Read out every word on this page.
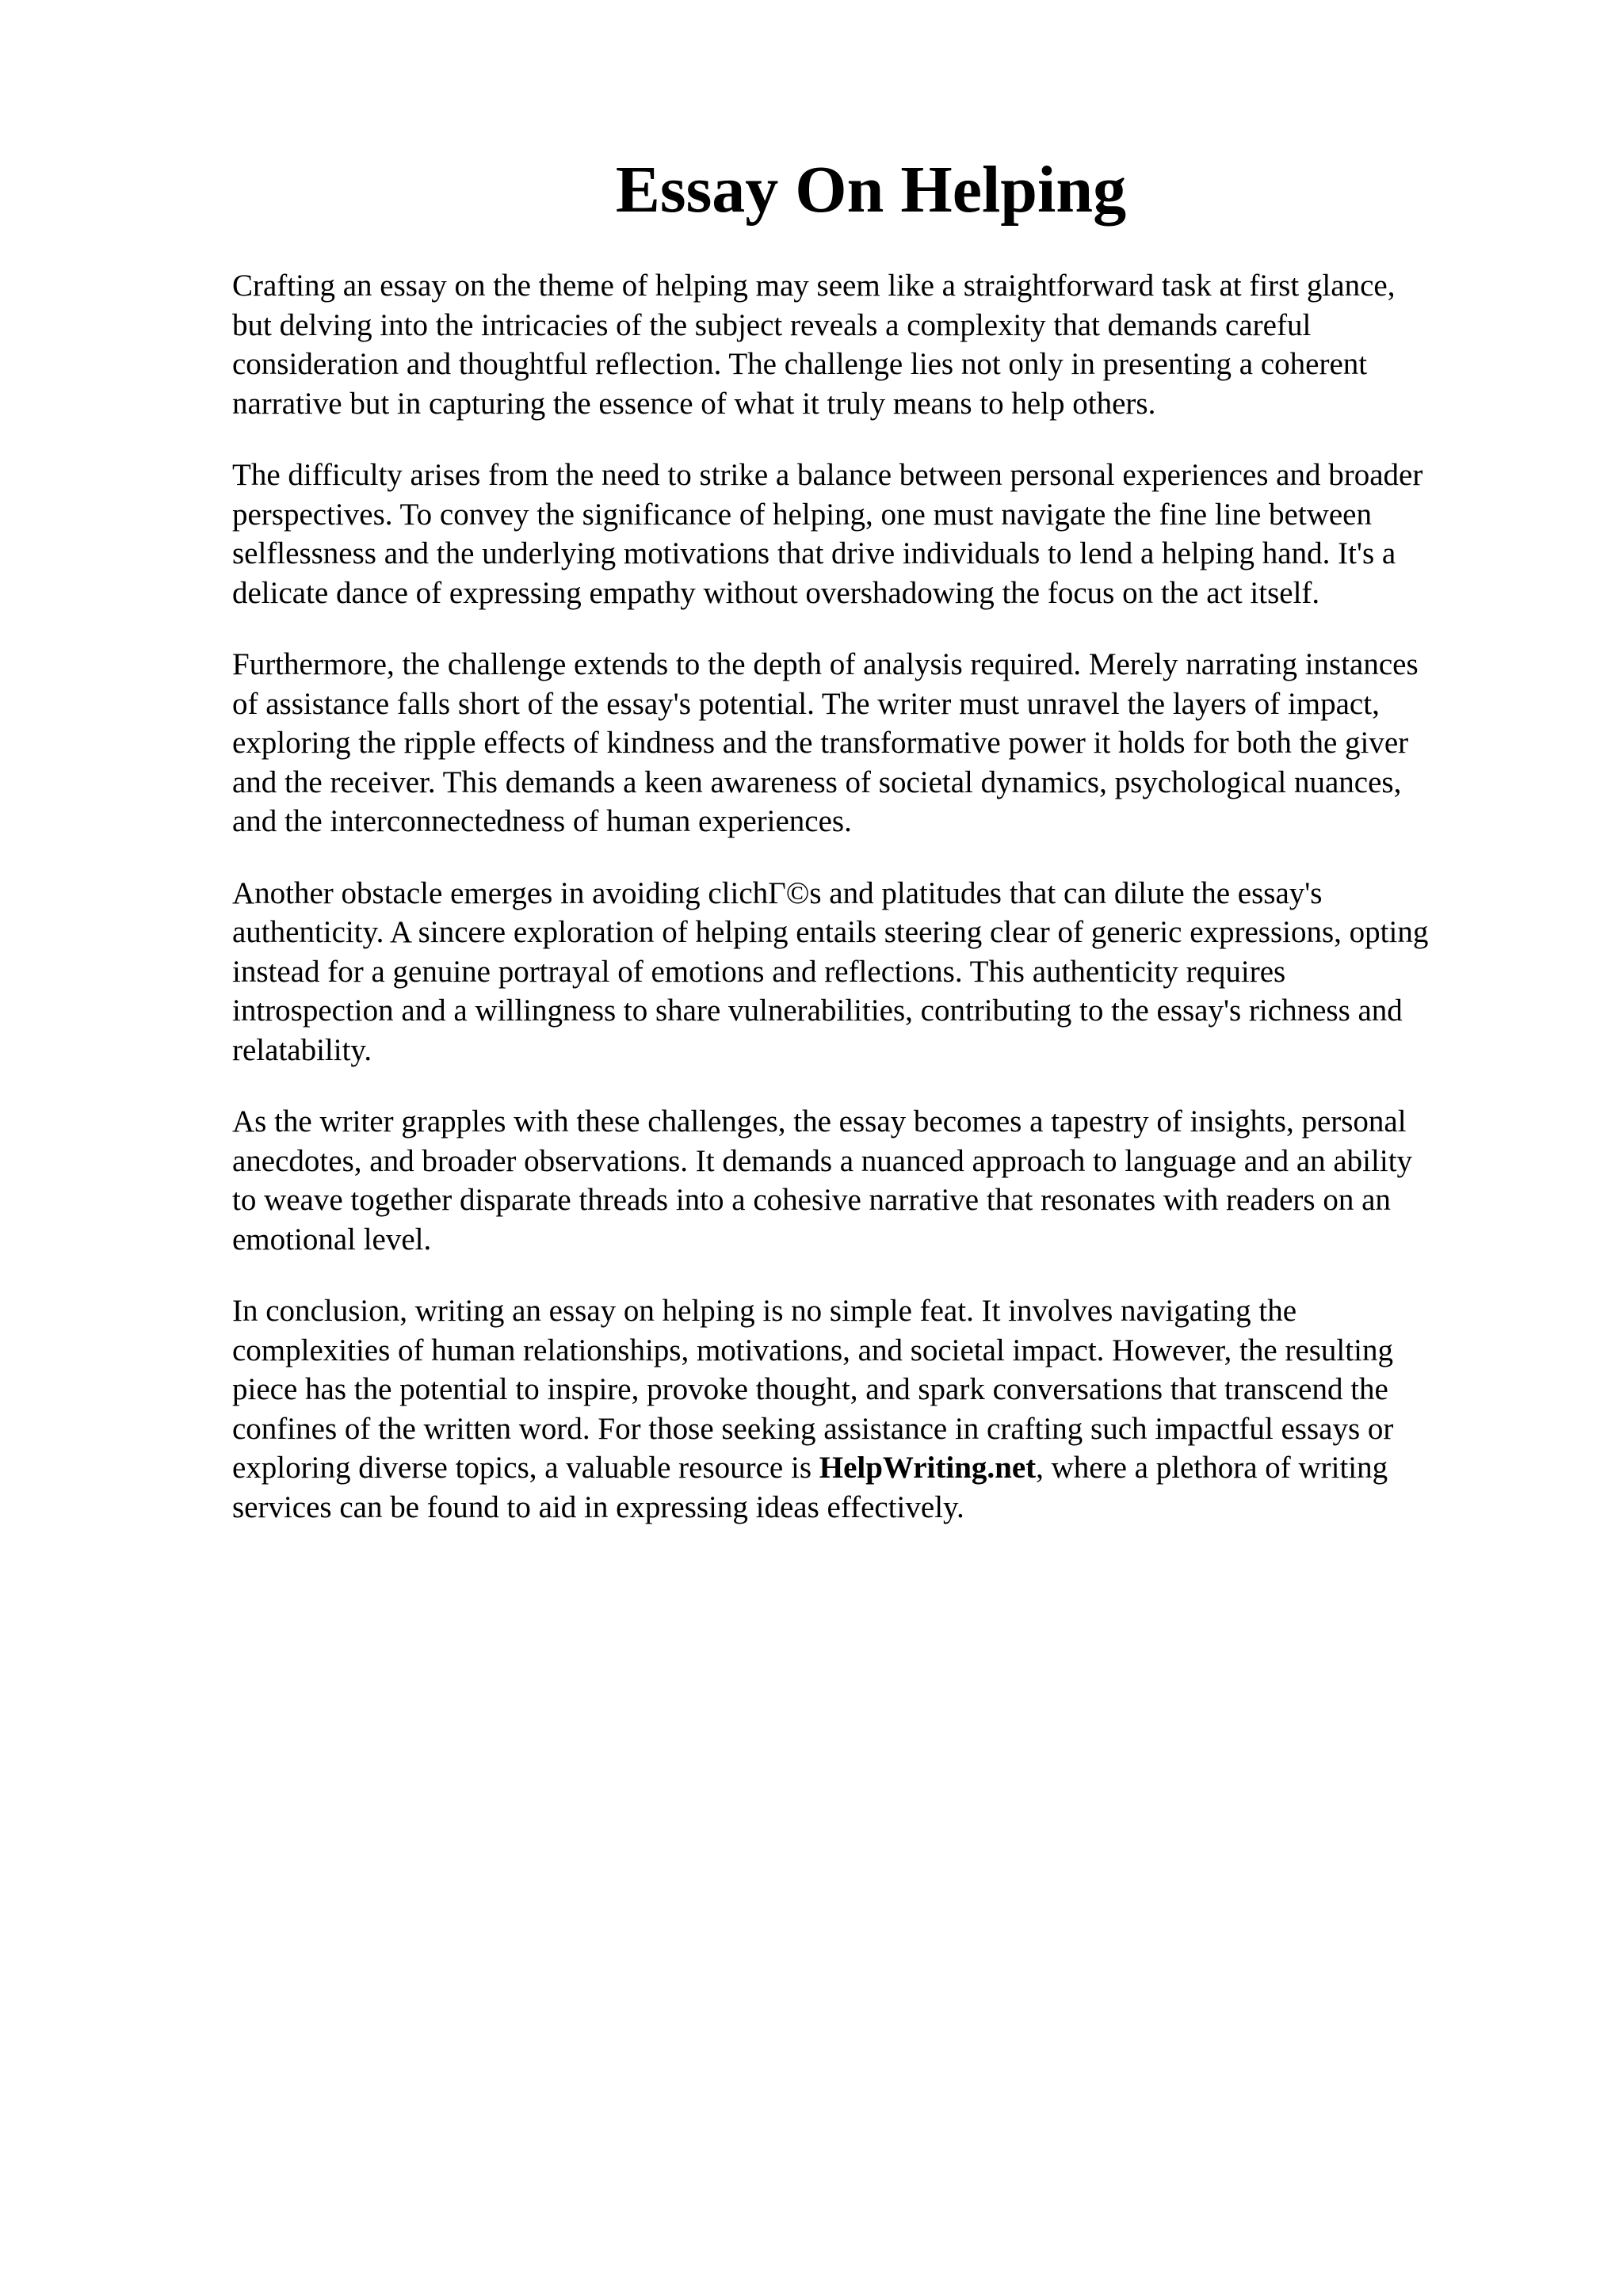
Essay On Helping

Crafting an essay on the theme of helping may seem like a straightforward task at first glance,
but delving into the intricacies of the subject reveals a complexity that demands careful
consideration and thoughtful reflection. The challenge lies not only in presenting a coherent
narrative but in capturing the essence of what it truly means to help others.

The difficulty arises from the need to strike a balance between personal experiences and broader
perspectives. To convey the significance of helping, one must navigate the fine line between
selflessness and the underlying motivations that drive individuals to lend a helping hand. It's a
delicate dance of expressing empathy without overshadowing the focus on the act itself.

Furthermore, the challenge extends to the depth of analysis required. Merely narrating instances
of assistance falls short of the essay's potential. The writer must unravel the layers of impact,
exploring the ripple effects of kindness and the transformative power it holds for both the giver
and the receiver. This demands a keen awareness of societal dynamics, psychological nuances,
and the interconnectedness of human experiences.

Another obstacle emerges in avoiding clichГ©s and platitudes that can dilute the essay's
authenticity. A sincere exploration of helping entails steering clear of generic expressions, opting
instead for a genuine portrayal of emotions and reflections. This authenticity requires
introspection and a willingness to share vulnerabilities, contributing to the essay's richness and
relatability.

As the writer grapples with these challenges, the essay becomes a tapestry of insights, personal
anecdotes, and broader observations. It demands a nuanced approach to language and an ability
to weave together disparate threads into a cohesive narrative that resonates with readers on an
emotional level.

In conclusion, writing an essay on helping is no simple feat. It involves navigating the
complexities of human relationships, motivations, and societal impact. However, the resulting
piece has the potential to inspire, provoke thought, and spark conversations that transcend the
confines of the written word. For those seeking assistance in crafting such impactful essays or
exploring diverse topics, a valuable resource is HelpWriting.net, where a plethora of writing
services can be found to aid in expressing ideas effectively.
